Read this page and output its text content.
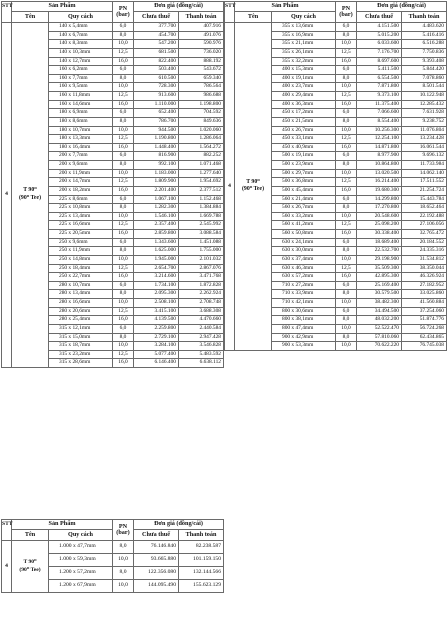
STT	Sản Phẩm		PN
(bar)	Đơn giá (đồng/cái)	
	Tên	Quy cách		Chưa thuế	Thanh toán
4	T 90⁰
(90⁰ Tee)	140 x 5,4mm	6,0	377.700	407.916
		140 x 6,7mm	8,0	454.700	491.076
		140 x 8,3mm	10,0	547.200	590.976
		140 x 10,3mm	12,5	681.500	736.020
		140 x 12,7mm	16,0	822.400	888.192
		160 x 6,2mm	6,0	503.400	543.672
		160 x 7,7mm	8,0	610.500	659.340
		160 x 9,5mm	10,0	728.300	786.564
		160 x 11,8mm	12,5	913.600	986.688
		160 x 14,6mm	16,0	1.110.000	1.198.800
		180 x 6,9mm	6,0	652.400	704.592
		180 x 8,6mm	8,0	786.700	849.636
		180 x 10,7mm	10,0	944.500	1.020.060
		180 x 13,3mm	12,5	1.190.800	1.286.064
		180 x 16,4mm	16,0	1.448.400	1.564.272
		200 x 7,7mm	6,0	816.900	882.252
		200 x 9,6mm	8,0	992.100	1.071.468
		200 x 11,9mm	10,0	1.183.000	1.277.640
		200 x 14,7mm	12,5	1.809.900	1.954.692
		200 x 18,2mm	16,0	2.201.400	2.377.512
		225 x 8,6mm	6,0	1.067.100	1.152.468
		225 x 10,8mm	8,0	1.282.300	1.384.884
		225 x 13,4mm	10,0	1.546.100	1.669.788
		225 x 16,6mm	12,5	2.357.400	2.545.992
		225 x 20,5mm	16,0	2.859.800	3.088.584
		250 x 9,6mm	6,0	1.343.600	1.451.088
		250 x 11,9mm	8,0	1.625.000	1.755.000
		250 x 14,8mm	10,0	1.945.000	2.101.032
		250 x 18,4mm	12,5	2.654.700	2.867.076
		250 x 22,7mm	16,0	3.214.600	3.471.768
		280 x 10,7mm	6,0	1.734.100	1.872.828
		280 x 13,4mm	8,0	2.095.300	2.262.924
		280 x 16,6mm	10,0	2.508.100	2.708.748
		280 x 20,6mm	12,5	3.415.100	3.688.308
		280 x 25,4mm	16,0	4.139.500	4.470.660
		315 x 12,1mm	6,0	2.259.800	2.440.584
		315 x 15,0mm	8,0	2.729.100	2.947.428
		315 x 18,7mm	10,0	3.284.100	3.546.828
		315 x 23,2mm	12,5	5.077.400	5.483.592
		315 x 28,6mm	16,0	6.146.400	6.638.112
STT	Sản Phẩm		PN
(bar)	Đơn giá (đồng/cái)	
	Tên	Quy cách		Chưa thuế	Thanh toán
4	T 90⁰
(90⁰ Tee)	355 x 13,6mm	6,0	4.151.500	4.483.620
		355 x 16,9mm	8,0	5.015.200	5.416.416
		355 x 21,1mm	10,0	6.033.600	6.516.288
		355 x 26,1mm	12,5	7.176.700	7.750.836
		355 x 32,2mm	16,0	8.697.600	9.393.408
		400 x 15,3mm	6,0	5.411.500	5.844.420
		400 x 19,1mm	8,0	6.554.500	7.078.860
		400 x 23,7mm	10,0	7.871.800	8.501.544
		400 x 29,4mm	12,5	9.373.100	10.122.948
		400 x 36,3mm	16,0	11.375.400	12.285.432
		450 x 17,2mm	6,0	7.066.600	7.631.928
		450 x 21,5mm	8,0	8.554.400	9.238.752
		450 x 26,7mm	10,0	10.256.300	11.076.804
		450 x 33,1mm	12,5	12.254.100	13.234.428
		450 x 40,9mm	16,0	14.871.800	16.061.544
		500 x 19,1mm	6,0	8.977.900	9.696.132
		500 x 23,9mm	8,0	10.864.800	11.733.984
		500 x 29,7mm	10,0	13.020.500	14.062.140
		500 x 36,8mm	12,5	16.214.400	17.511.552
		500 x 45,4mm	16,0	19.680.300	21.254.724
		560 x 21,4mm	6,0	14.299.800	15.443.784
		560 x 26,7mm	8,0	17.270.800	18.652.464
		560 x 33,2mm	10,0	20.548.600	22.192.488
		560 x 41,2mm	12,5	25.098.200	27.106.056
		560 x 50,8mm	16,0	30.338.400	32.765.472
		630 x 24,1mm	6,0	18.689.400	20.184.552
		630 x 30,0mm	8,0	22.532.700	24.335.316
		630 x 37,4mm	10,0	29.198.900	31.534.812
		630 x 46,3mm	12,5	35.509.300	38.350.044
		630 x 57,2mm	16,0	42.895.300	46.326.924
		710 x 27,2mm	6,0	25.169.400	27.182.952
		710 x 33,9mm	8,0	30.579.500	33.025.860
		710 x 42,1mm	10,0	38.482.300	41.560.884
		800 x 30,6mm	6,0	34.494.500	37.254.060
		800 x 38,1mm	8,0	48.032.200	51.874.776
		800 x 47,4mm	10,0	52.522.470	56.724.268
		900 x 42,9mm	8,0	57.810.060	62.434.865
		900 x 53,3mm	10,0	70.622.220	76.745.038
STT	Sản Phẩm		PN
(bar)	Đơn giá (đồng/cái)	
	Tên	Quy cách		Chưa thuế	Thanh toán
4	T 90⁰
(90⁰ Tee)	1.000 x 47,7mm	8,0	76.146.840	82.238.587
		1.000 x 59,3mm	10,0	93.665.880	101.159.150
		1.200 x 57,2mm	8,0	122.356.080	132.144.566
		1.200 x 67,9mm	10,0	144.095.490	155.623.129
